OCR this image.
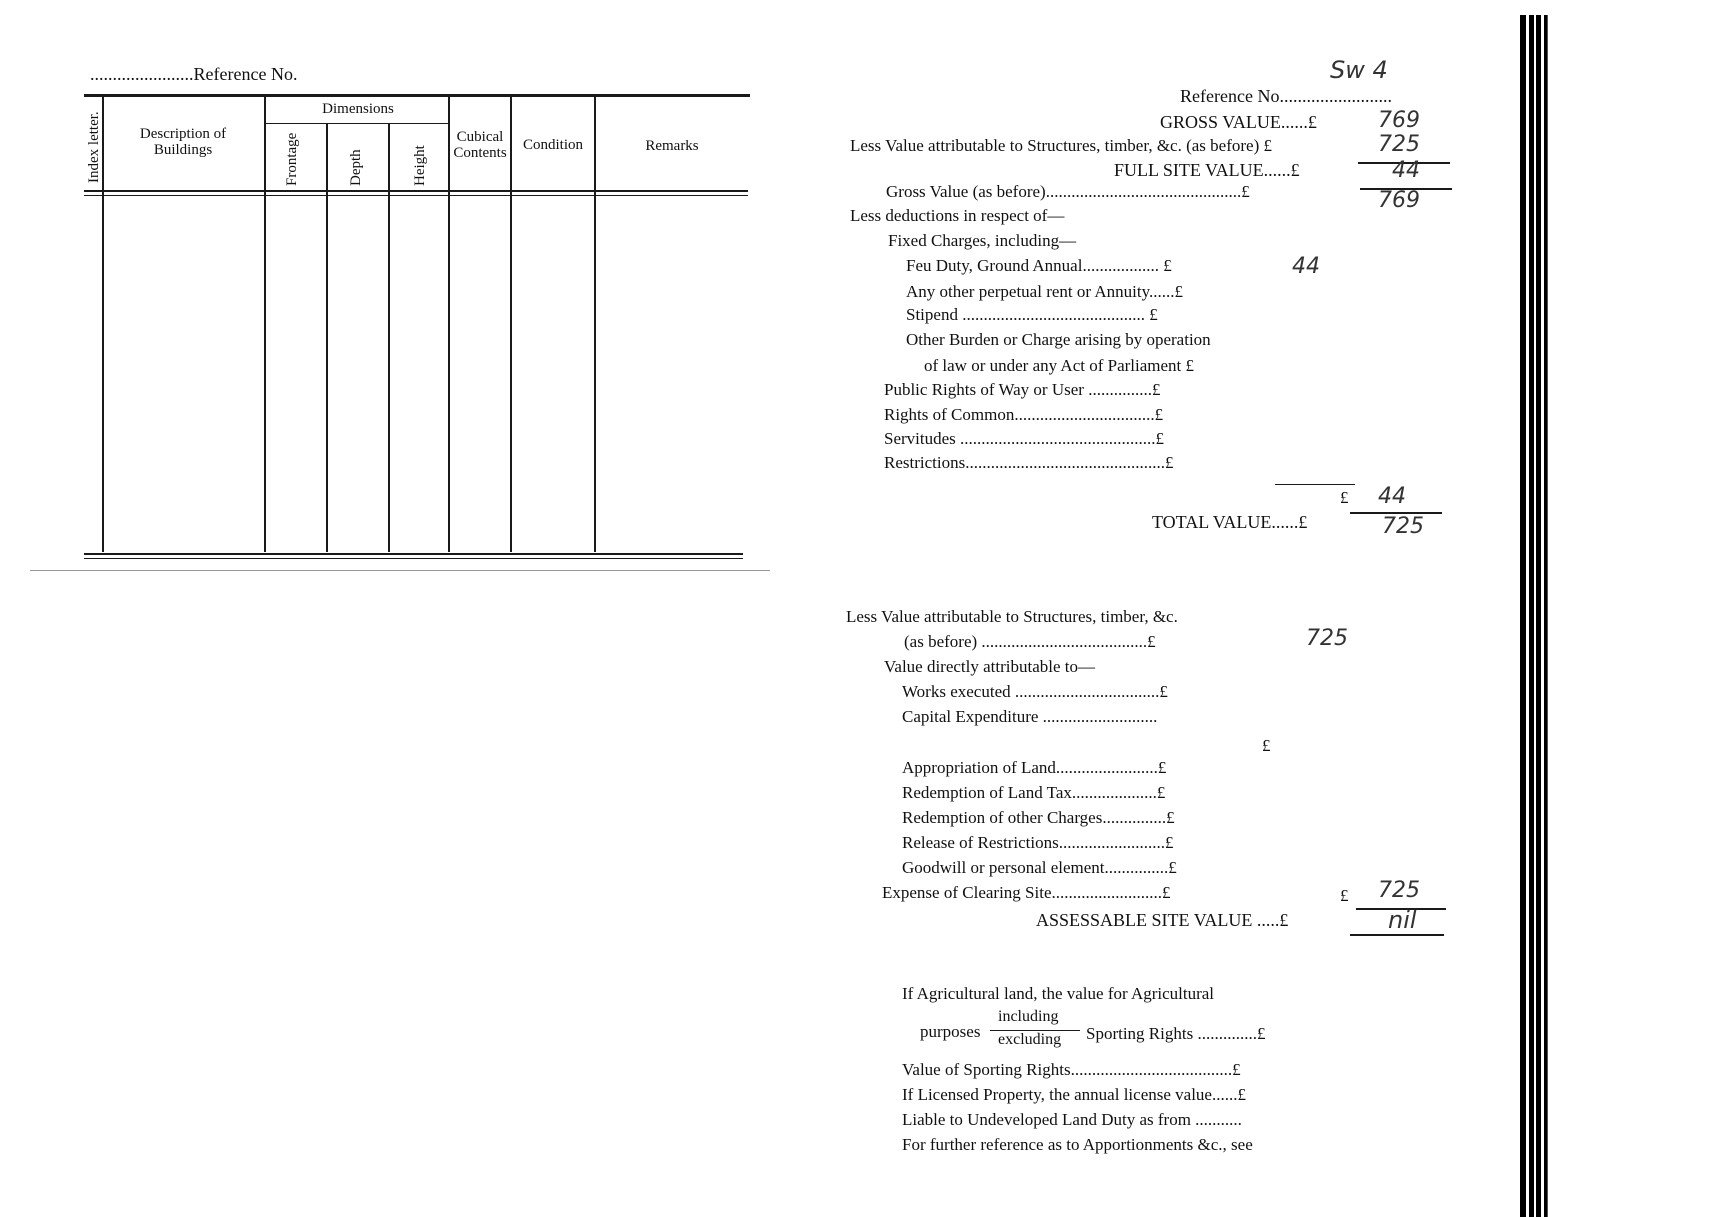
.......................Reference No.
Index letter.	Description of Buildings
Dimensions
Frontage	Depth	Height
Cubical Contents	Condition	Remarks
Reference No.........................
Sw 4
GROSS VALUE......£	769
Less Value attributable to Structures, timber, &c. (as before) £	725
FULL SITE VALUE......£	44
Gross Value (as before)..............................................£	769
Less deductions in respect of—
Fixed Charges, including—
Feu Duty, Ground Annual.................. £	44
Any other perpetual rent or Annuity......£
Stipend ........................................... £
Other Burden or Charge arising by operation
of law or under any Act of Parliament £
Public Rights of Way or User ...............£
Rights of Common.................................£
Servitudes ..............................................£
Restrictions...............................................£
£ 44
TOTAL VALUE......£	725
Less Value attributable to Structures, timber, &c.
(as before) .......................................£	725
Value directly attributable to—
Works executed ..................................£
Capital Expenditure ...........................
£
Appropriation of Land........................£
Redemption of Land Tax....................£
Redemption of other Charges...............£
Release of Restrictions.........................£
Goodwill or personal element...............£
Expense of Clearing Site..........................£	£ 725
ASSESSABLE SITE VALUE .....£	nil
If Agricultural land, the value for Agricultural
purposes
including
excluding Sporting Rights ..............£
Value of Sporting Rights......................................£
If Licensed Property, the annual license value......£
Liable to Undeveloped Land Duty as from ...........
For further reference as to Apportionments &c., see
